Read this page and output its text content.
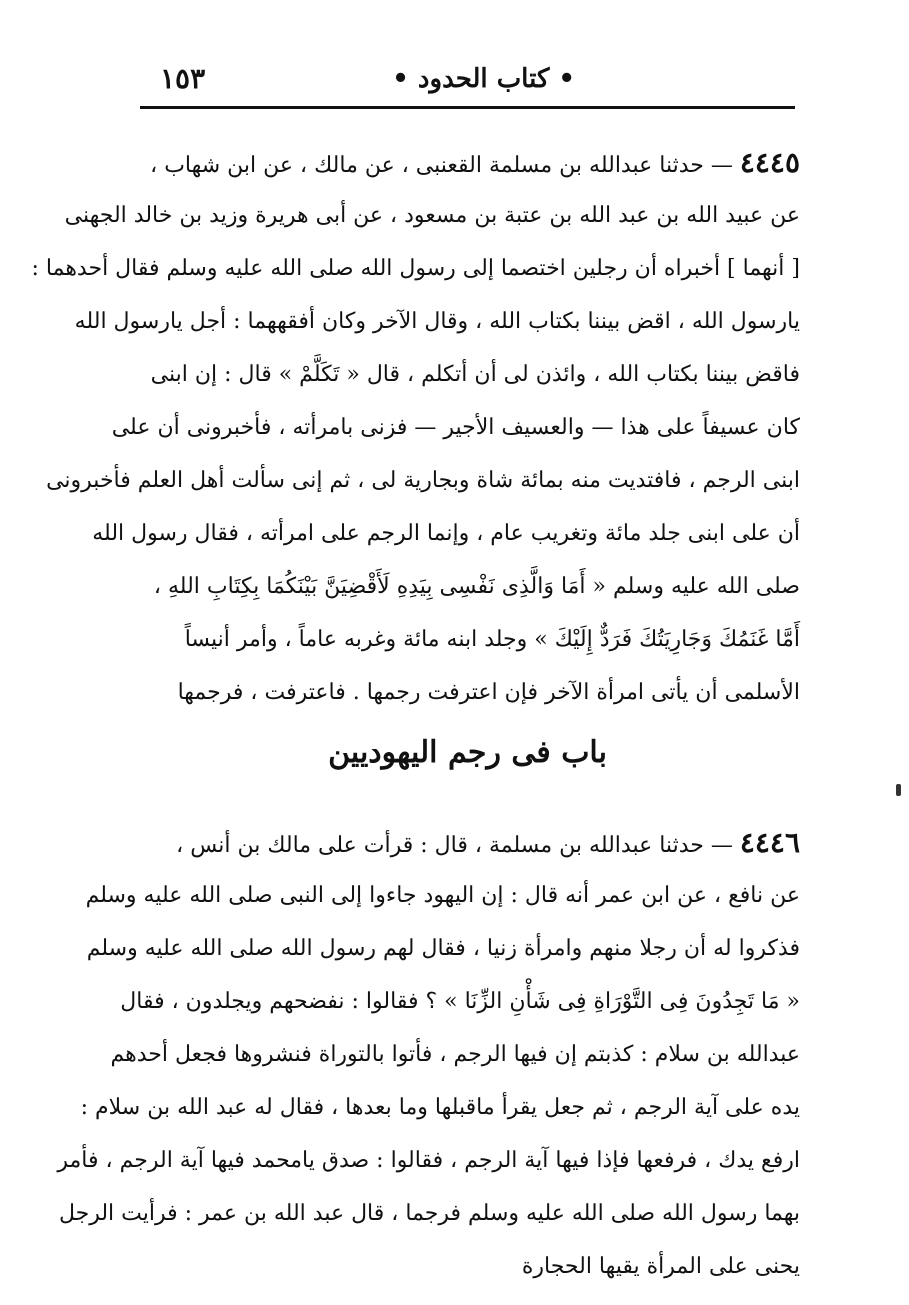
• كتاب الحدود •
١٥٣
٤٤٤٥ — حدثنا عبدالله بن مسلمة القعنبى ، عن مالك ، عن ابن شهاب ،
عن عبيد الله بن عبد الله بن عتبة بن مسعود ، عن أبى هريرة وزيد بن خالد الجهنى
[ أنهما ] أخبراه أن رجلين اختصما إلى رسول الله صلى الله عليه وسلم فقال أحدهما :
يارسول الله ، اقض بيننا بكتاب الله ، وقال الآخر وكان أفقههما : أجل يارسول الله
فاقض بيننا بكتاب الله ، وائذن لى أن أتكلم ، قال « تَكَلَّمْ » قال : إن ابنى
كان عسيفاً على هذا — والعسيف الأجير — فزنى بامرأته ، فأخبرونى أن على
ابنى الرجم ، فافتديت منه بمائة شاة وبجارية لى ، ثم إنى سألت أهل العلم فأخبرونى
أن على ابنى جلد مائة وتغريب عام ، وإنما الرجم على امرأته ، فقال رسول الله
صلى الله عليه وسلم « أَمَا وَالَّذِى نَفْسِى بِيَدِهِ لَأَقْضِيَنَّ بَيْنَكُمَا بِكِتَابِ اللهِ ،
أَمَّا غَنَمُكَ وَجَارِيَتُكَ فَرَدٌّ إِلَيْكَ » وجلد ابنه مائة وغربه عاماً ، وأمر أنيساً
الأسلمى أن يأتى امرأة الآخر فإن اعترفت رجمها . فاعترفت ، فرجمها
باب فى رجم اليهوديين
٤٤٤٦ — حدثنا عبدالله بن مسلمة ، قال : قرأت على مالك بن أنس ،
عن نافع ، عن ابن عمر أنه قال : إن اليهود جاءوا إلى النبى صلى الله عليه وسلم
فذكروا له أن رجلا منهم وامرأة زنيا ، فقال لهم رسول الله صلى الله عليه وسلم
« مَا تَجِدُونَ فِى التَّوْرَاةِ فِى شَأْنِ الزِّنَا » ؟ فقالوا : نفضحهم ويجلدون ، فقال
عبدالله بن سلام : كذبتم إن فيها الرجم ، فأتوا بالتوراة فنشروها فجعل أحدهم
يده على آية الرجم ، ثم جعل يقرأ ماقبلها وما بعدها ، فقال له عبد الله بن سلام :
ارفع يدك ، فرفعها فإذا فيها آية الرجم ، فقالوا : صدق يامحمد فيها آية الرجم ، فأمر
بهما رسول الله صلى الله عليه وسلم فرجما ، قال عبد الله بن عمر : فرأيت الرجل
يحنى على المرأة يقيها الحجارة
